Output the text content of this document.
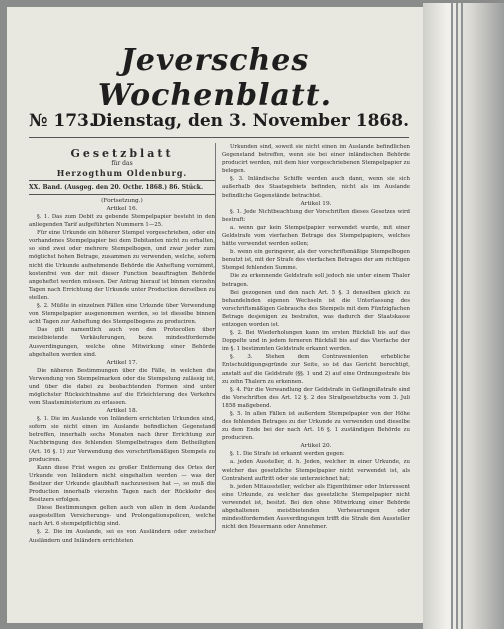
Jeversches Wochenblatt.
№ 173.
Dienstag, den 3. November 1868.
Gesetzblatt
für das
Herzogthum Oldenburg.
XX. Band. (Ausgeg. den 20. Octbr. 1868.) 86. Stück.
(Fortsetzung.)
Artikel 16.

§. 1. Das zum Debit zu gebende Stempelpapier besteht in den anliegenden Tarif aufgeführten Nummern 1—25.

Für eine Urkunde ein höherer Stempel vorgeschrieben, oder ein vorhandenes Stempelpapier bei dem Debitanten nicht zu erhalten, so sind zwei oder mehrere Stempelbogen, und zwar jeder zum möglichst hohen Betrage, zusammen zu verwenden, welche, sofern nicht die Urkunde aufnehmende Behörde die Anheftung vornimmt, kostenfrei von der mit dieser Function beauftragten Behörde angeheftet werden müssen. Der Antrag hierauf ist binnen vierzehn Tagen nach Errichtung der Urkunde unter Production derselben zu stellen.

§. 2. Müßte in einzelnen Fällen eine Urkunde über Verwendung von Stempelpapier ausgenommen werden, so ist dieselbe binnen acht Tagen zur Anheftung des Stempelbogens zu produciren.

Das gilt namentlich auch von den Protocollen über meistbietende Verkäuferungen, bezw. mindestfordernde Ausverdingungen, welche ohne Mitwirkung einer Behörde abgehalten werden sind.

Artikel 17.

Die näheren Bestimmungen über die Fälle, in welchen die Verwendung von Stempelmarken oder die Stempelung zulässig ist, und über die dabei zu beobachtenden Formen sind unter möglichster Rücksichtnahme auf die Erleichterung des Verkehrs vom Staatsministerium zu erlassen.

Artikel 18.

§. 1. Die im Auslande von Inländern errichteten Urkunden sind, sofern sie nicht einen im Auslande befindlichen Gegenstand betreffen, innerhalb sechs Monaten nach ihrer Errichtung zur Nachbringung des fehlenden Stempelbetrages dem Betheiligten (Art. 16 §. 1) zur Verwendung des vorschriftsmäßigen Stempels zu produciren.

Kann diese Frist wegen zu großer Entfernung des Ortes der Urkunde von Inländern nicht eingehalten werden — was der Besitzer der Urkunde glaubhaft nachzuweisen hat —, so muß die Production innerhalb vierzehn Tagen nach der Rückkehr des Besitzers erfolgen.

Diese Bestimmungen gelten auch von allen in dem Auslande ausgestellten Versicherungs- und Prolongationspolicen, welche nach Art. 6 stempelpflichtig sind.

§. 2. Die im Auslande, sei es von Ausländern oder zwischen Ausländern und Inländern errichteten

Urkunden sind, soweit sie nicht einen im Auslande befindlichen Gegenstand betreffen, wenn sie bei einer inländischen Behörde producirt werden, mit dem hier vorgeschriebenen Stempelpapier zu belegen.

§. 3. Inländische Schiffe werden auch dann, wenn sie sich außerhalb des Staatsgebiets befinden, nicht als im Auslande befindliche Gegenstände betrachtet.

Artikel 19.

§. 1. Jede Nichtbeachtung der Vorschriften dieses Gesetzes wird bestraft:

a. wenn gar kein Stempelpapier verwendet wurde, mit einer Geldstrafe vom vierfachen Betrage des Stempelpapiers, welches hätte verwendet werden sollen;

b. wenn ein geringerer, als der vorschriftsmäßige Stempelbogen benutzt ist, mit der Strafe des vierfachen Betrages der am richtigen Stempel fehlenden Summe.

Die zu erkennende Geldstrafe soll jedoch nie unter einem Thaler betragen.

Bei gezogenen und den nach Art. 5 §. 3 denselben gleich zu behandelnden eigenen Wechseln ist die Unterlassung des vorschriftsmäßigen Gebrauchs des Stempels mit dem Fünfzigfachen Betrage desjenigen zu bestrafen, was dadurch der Staatskasse entzogen worden ist.

§. 2. Bei Wiederholungen kann im ersten Rückfall bis auf das Doppelte und in jedem ferneren Rückfall bis auf das Vierfache der im §. 1 bestimmten Geldstrafe erkannt werden.

§. 3. Stehen dem Contravenienten erhebliche Entschuldigungsgründe zur Seite, so ist das Gericht berechtigt, anstatt auf die Geldstrafe (§§. 1 und 2) auf eine Ordnungsstrafe bis zu zehn Thalern zu erkennen.

§. 4. Für die Verwandlung der Geldstrafe in Gefängnißstrafe sind die Vorschriften des Art. 12 §. 2 des Strafgesetzbuchs vom 3. Juli 1858 maßgebend.

§. 5. In allen Fällen ist außerdem Stempelpapier von der Höhe des fehlenden Betrages zu der Urkunde zu verwenden und dieselbe zu dem Ende bei der nach Art. 16 §. 1 zuständigen Behörde zu produciren.

Artikel 20.

§. 1. Die Strafe ist erkannt werden gegen:

a. jeden Aussteller, d. h. Jeden, welcher in einer Urkunde, zu welcher das gesetzliche Stempelpapier nicht verwendet ist, als Contrahent auftritt oder sie unterzeichnet hat;

b. jeden Mitaussteller, welcher als Eigenthümer oder Interessent eine Urkunde, zu welcher das gesetzliche Stempelpapier nicht verwendet ist, besitzt. Bei den ohne Mitwirkung einer Behörde abgehaltenen meistbietenden Verheuerungen oder mindestfordernden Ausverdingungen trifft die Strafe den Aussteller nicht den Heuermann oder Annehmer.
